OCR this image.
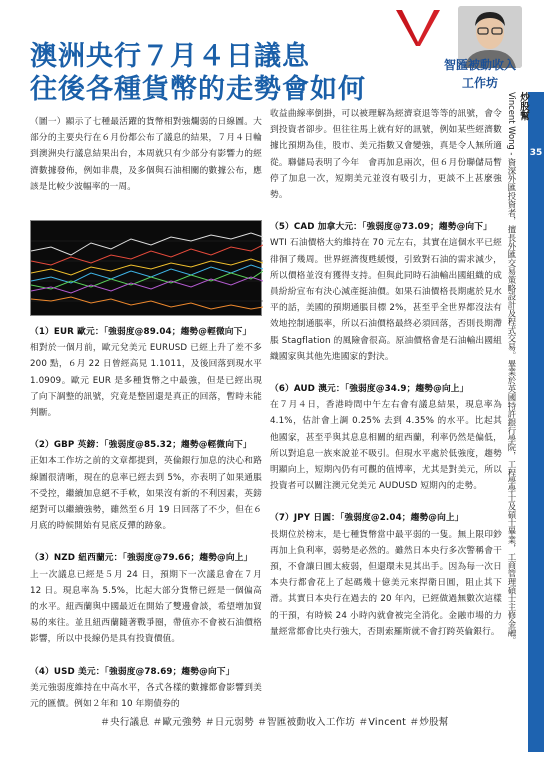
澳洲央行７月４日議息
往後各種貨幣的走勢會如何
智匯被動收入
工作坊
35
炒股幫
Vincent Wong - 資深外匯投資者，擅長外匯交易策略設計及程式交易。畢業於英國特許銀行學院，工程學學士及碩士畢業，工商管理碩士主修金融。

（圖一）顯示了七種最活躍的貨幣相對強爛弱的日線圖。大部分的主要央行在６月份都公布了議息的結果，７月４日輪到澳洲央行議息結果出台，本周就只有少部分有影響力的經濟數據發佈，例如非農，及多個與石油相關的數據公布，應該是比較少波幅率的一周。

（1）EUR 歐元：「強弱度@89.04；趨勢@輕微向下」

相對於一個月前，歐元兌美元 EURUSD 已經上升了差不多 200 點，６月 22 日曾經高見 1.1011，及後回落到現水平 1.0909。歐元 EUR 是多種貨幣之中最強，但是已經出現了向下調整的訊號，究竟是整固還是真正的回落，暫時未能判斷。

（2）GBP 英鎊：「強弱度@85.32；趨勢@輕微向下」

正如本工作坊之前的文章都提到，英倫銀行加息的決心和路線圖很清晰，現在的息率已經去到 5%，亦表明了如果通脹不受控，繼續加息絕不手軟，如果沒有新的不利因素，英鎊絕對可以繼續強勢，雖然至６月 19 日回落了不少，但在６月底的時候開始有見底反彈的跡象。

（3）NZD 紐西蘭元：「強弱度@79.66；趨勢@向上」

上一次議息已經是５月 24 日，預期下一次議息會在７月 12 日。現息率為 5.5%，比起大部分貨幣已經是一個偏高的水平。紐西蘭與中國最近在開始了雙邊會談，希望增加貿易的來往。並且紐西蘭隨著戰爭圈，帶值亦不會被石油價格影響，所以中長線仍是具有投資價值。

（4）USD 美元：「強弱度@78.69；趨勢@向下」

美元強弱度維持在中高水平，各式各樣的數據都會影響到美元的匯價。例如２年和 10 年期債券的

收益曲線率倒掛，可以被理解為經濟衰退等等的訊號，會令到投資者卻步。但往往馬上就有好的訊號，例如某些經濟數據比預期為佳，股市、美元指數又會變強，真是令人無所適從。聯儲局表明了今年　會再加息兩次，但６月份聯儲局暫停了加息一次，短期美元並沒有吸引力，更談不上甚麼強勢。

（5）CAD 加拿大元：「強弱度@73.09；趨勢@向下」

WTI 石油價格大約維持在 70 元左右，其實在這個水平已經徘徊了幾周。世界經濟復甦緩慢，引致對石油的需求減少，所以價格並沒有獲得支持。但與此同時石油輸出國組織的成員紛紛宣布有決心減產挺油價。如果石油價格長期處於見水平的話，美國的預期通脹目標 2%，甚至乎全世界都沒法有效地控制通脹率，所以石油價格最終必須回落，否則長期滯脹 Stagflation 的風險會很高。原油價格會是石油輸出國組織國家與其他先進國家的對決。

（6）AUD 澳元：「強弱度@34.9；趨勢@向上」

在７月４日，香港時間中午左右會有議息結果，現息率為 4.1%，估計會上調 0.25% 去到 4.35% 的水平。比起其他國家，甚至乎與其息息相關的紐西蘭，利率仍然是偏低，所以對追息一族來說並不吸引。但現水平處於低強度，趨勢明顯向上，短期內仍有可觀的值博率，尤其是對美元，所以投資者可以關注澳元兌美元 AUDUSD 短期內的走勢。

（7）JPY 日圓：「強弱度@2.04；趨勢@向上」

長期位於榜末，是七種貨幣當中最平弱的一隻。無上限印鈔再加上負利率，弱勢是必然的。雖然日本央行多次警稱會干預，不會讓日圓太疲弱，但還環未見其出手。因為每一次日本央行都會花上了起碼幾十億美元來捍衛日圓，阻止其下滑。其實日本央行在過去的 20 年內，已經做過無數次這樣的干預，有時候 24 小時內就會被完全消化。金融市場的力量經常都會比央行強大，否則索羅斯就不會打跨英倫銀行。

＃央行議息 ＃歐元強勢 ＃日元弱勢 ＃智匯被動收入工作坊 ＃Vincent ＃炒股幫
